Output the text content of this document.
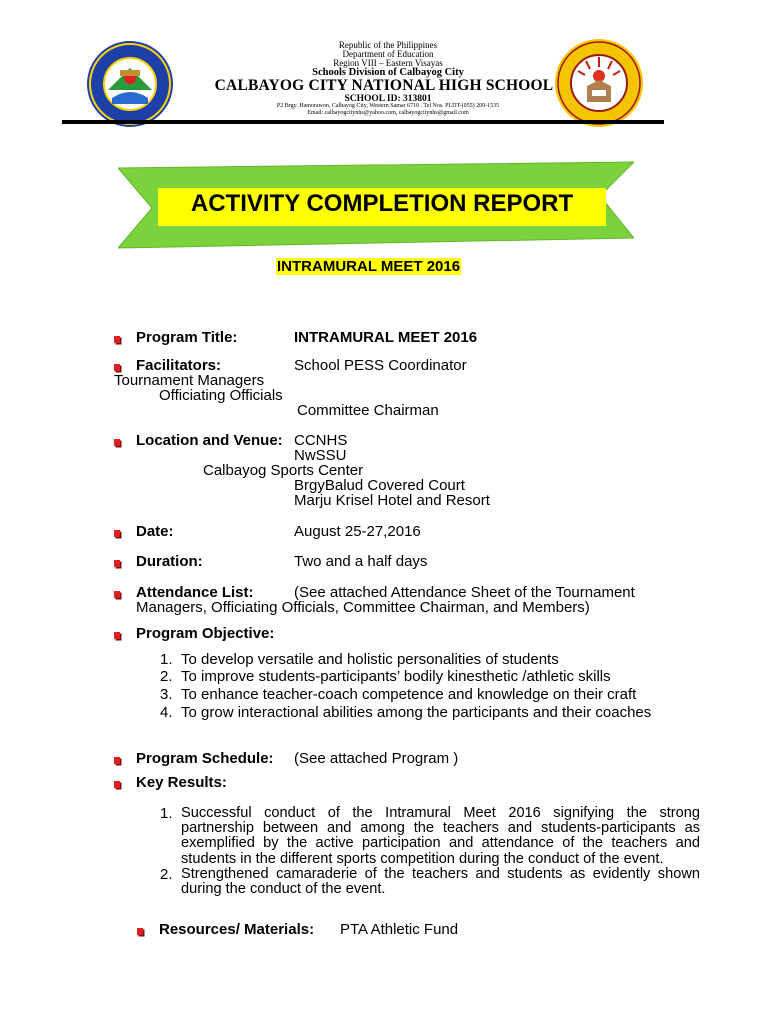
Republic of the Philippines
Department of Education
Region VIII – Eastern Visayas
Schools Division of Calbayog City
CALBAYOG CITY NATIONAL HIGH SCHOOL
SCHOOL ID: 313801
P2 Brgy. Hamorawon, Calbayog City, Western Samar 6710 . Tel Nos. PLDT-(055) 209-1535
Email: calbayogcitynhs@yahoo.com, calbayogcitynhs@gmail.com
ACTIVITY COMPLETION REPORT
INTRAMURAL MEET 2016
Program Title:	INTRAMURAL MEET 2016
Facilitators:	School PESS Coordinator
Tournament Managers
Officiating Officials
Committee Chairman
Location and Venue: CCNHS
NwSSU
Calbayog Sports Center
BrgyBalud Covered Court
Marju Krisel Hotel and Resort
Date:	August 25-27,2016
Duration:	Two and a half days
Attendance List:	(See attached Attendance Sheet of the Tournament
Managers, Officiating Officials, Committee Chairman, and Members)
Program Objective:
1. To develop versatile and holistic personalities of students
2. To improve students-participants’ bodily kinesthetic /athletic skills
3. To enhance teacher-coach competence and knowledge on their craft
4. To grow interactional abilities among the participants and their coaches
Program Schedule: (See attached Program )
Key Results:
1. Successful conduct of the Intramural Meet 2016 signifying the strong partnership between and among the teachers and students-participants as exemplified by the active participation and attendance of the teachers and students in the different sports competition during the conduct of the event.
2. Strengthened camaraderie of the teachers and students as evidently shown during the conduct of the event.
Resources/ Materials: PTA Athletic Fund
